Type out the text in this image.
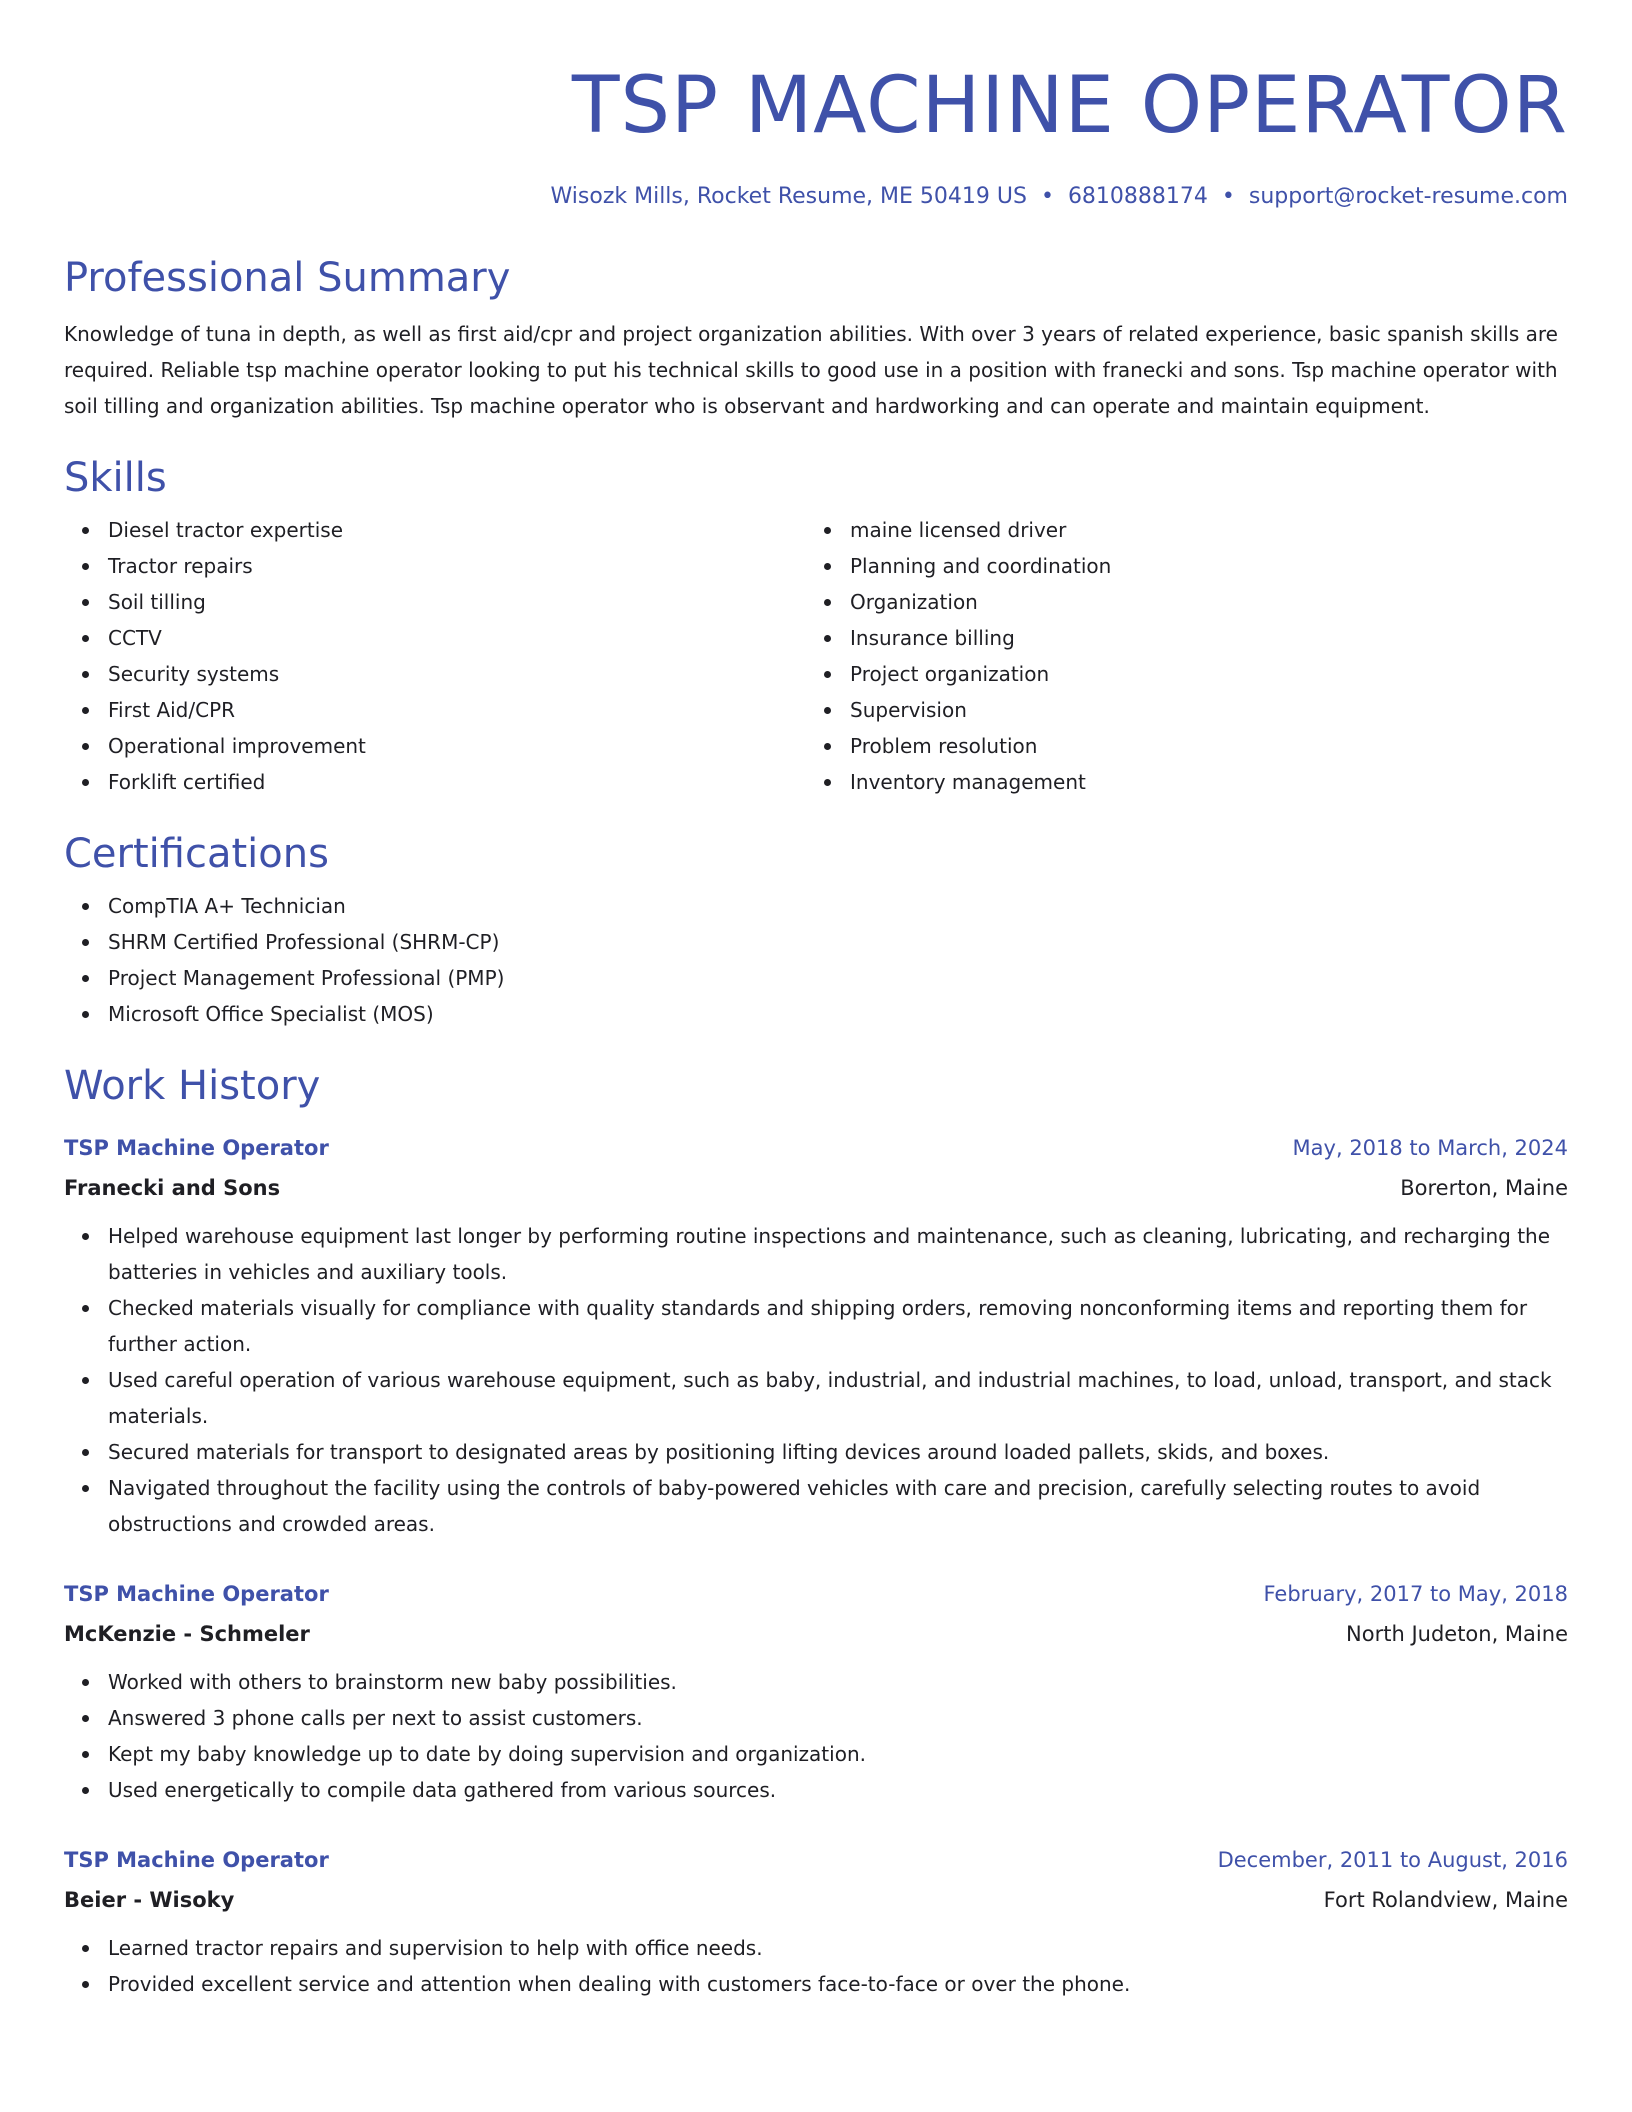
TSP MACHINE OPERATOR
Wisozk Mills, Rocket Resume, ME 50419 US • 6810888174 • support@rocket-resume.com
Professional Summary

Knowledge of tuna in depth, as well as first aid/cpr and project organization abilities. With over 3 years of related experience, basic spanish skills are required. Reliable tsp machine operator looking to put his technical skills to good use in a position with franecki and sons. Tsp machine operator with soil tilling and organization abilities. Tsp machine operator who is observant and hardworking and can operate and maintain equipment.

Skills
Diesel tractor expertise
Tractor repairs
Soil tilling
CCTV
Security systems
First Aid/CPR
Operational improvement
Forklift certified
maine licensed driver
Planning and coordination
Organization
Insurance billing
Project organization
Supervision
Problem resolution
Inventory management
Certifications
CompTIA A+ Technician
SHRM Certified Professional (SHRM-CP)
Project Management Professional (PMP)
Microsoft Office Specialist (MOS)
Work History
TSP Machine Operator	May, 2018 to March, 2024
Franecki and Sons	Borerton, Maine
Helped warehouse equipment last longer by performing routine inspections and maintenance, such as cleaning, lubricating, and recharging the batteries in vehicles and auxiliary tools.
Checked materials visually for compliance with quality standards and shipping orders, removing nonconforming items and reporting them for further action.
Used careful operation of various warehouse equipment, such as baby, industrial, and industrial machines, to load, unload, transport, and stack materials.
Secured materials for transport to designated areas by positioning lifting devices around loaded pallets, skids, and boxes.
Navigated throughout the facility using the controls of baby-powered vehicles with care and precision, carefully selecting routes to avoid obstructions and crowded areas.
TSP Machine Operator	February, 2017 to May, 2018
McKenzie - Schmeler	North Judeton, Maine
Worked with others to brainstorm new baby possibilities.
Answered 3 phone calls per next to assist customers.
Kept my baby knowledge up to date by doing supervision and organization.
Used energetically to compile data gathered from various sources.
TSP Machine Operator	December, 2011 to August, 2016
Beier - Wisoky	Fort Rolandview, Maine
Learned tractor repairs and supervision to help with office needs.
Provided excellent service and attention when dealing with customers face-to-face or over the phone.
